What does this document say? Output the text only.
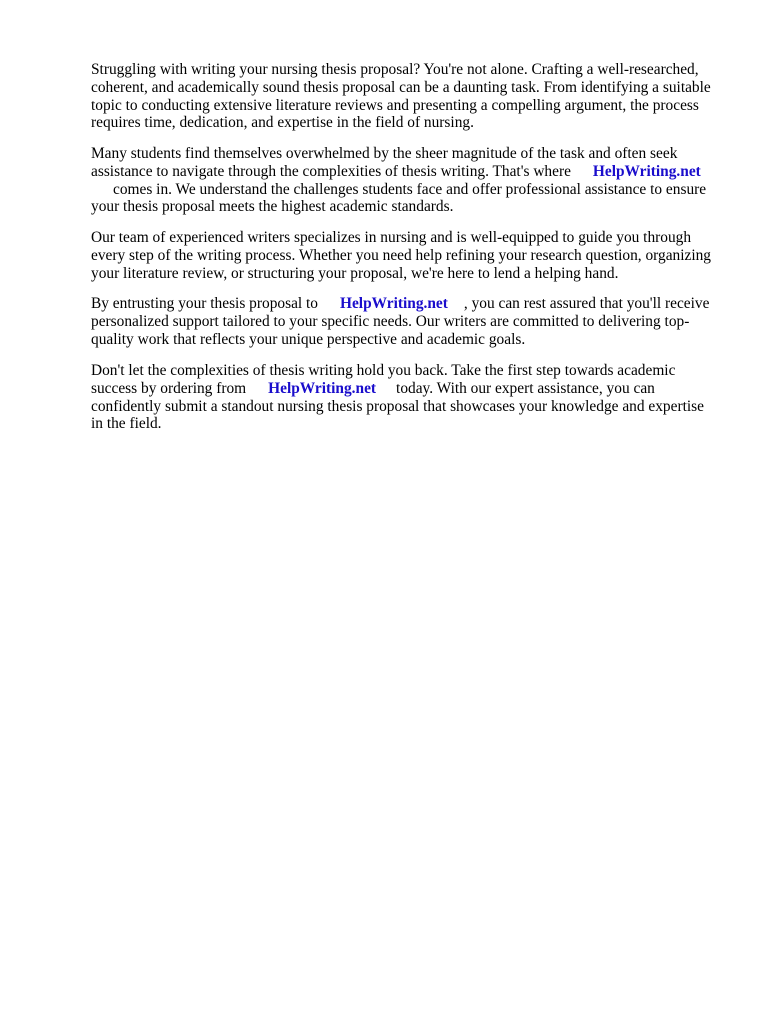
Struggling with writing your nursing thesis proposal? You're not alone. Crafting a well-researched,
coherent, and academically sound thesis proposal can be a daunting task. From identifying a suitable
topic to conducting extensive literature reviews and presenting a compelling argument, the process
requires time, dedication, and expertise in the field of nursing.
Many students find themselves overwhelmed by the sheer magnitude of the task and often seek
assistance to navigate through the complexities of thesis writing. That's where HelpWriting.net
comes in. We understand the challenges students face and offer professional assistance to ensure
your thesis proposal meets the highest academic standards.
Our team of experienced writers specializes in nursing and is well-equipped to guide you through
every step of the writing process. Whether you need help refining your research question, organizing
your literature review, or structuring your proposal, we're here to lend a helping hand.
By entrusting your thesis proposal to HelpWriting.net , you can rest assured that you'll receive
personalized support tailored to your specific needs. Our writers are committed to delivering top-
quality work that reflects your unique perspective and academic goals.
Don't let the complexities of thesis writing hold you back. Take the first step towards academic
success by ordering from HelpWriting.net today. With our expert assistance, you can
confidently submit a standout nursing thesis proposal that showcases your knowledge and expertise
in the field.
